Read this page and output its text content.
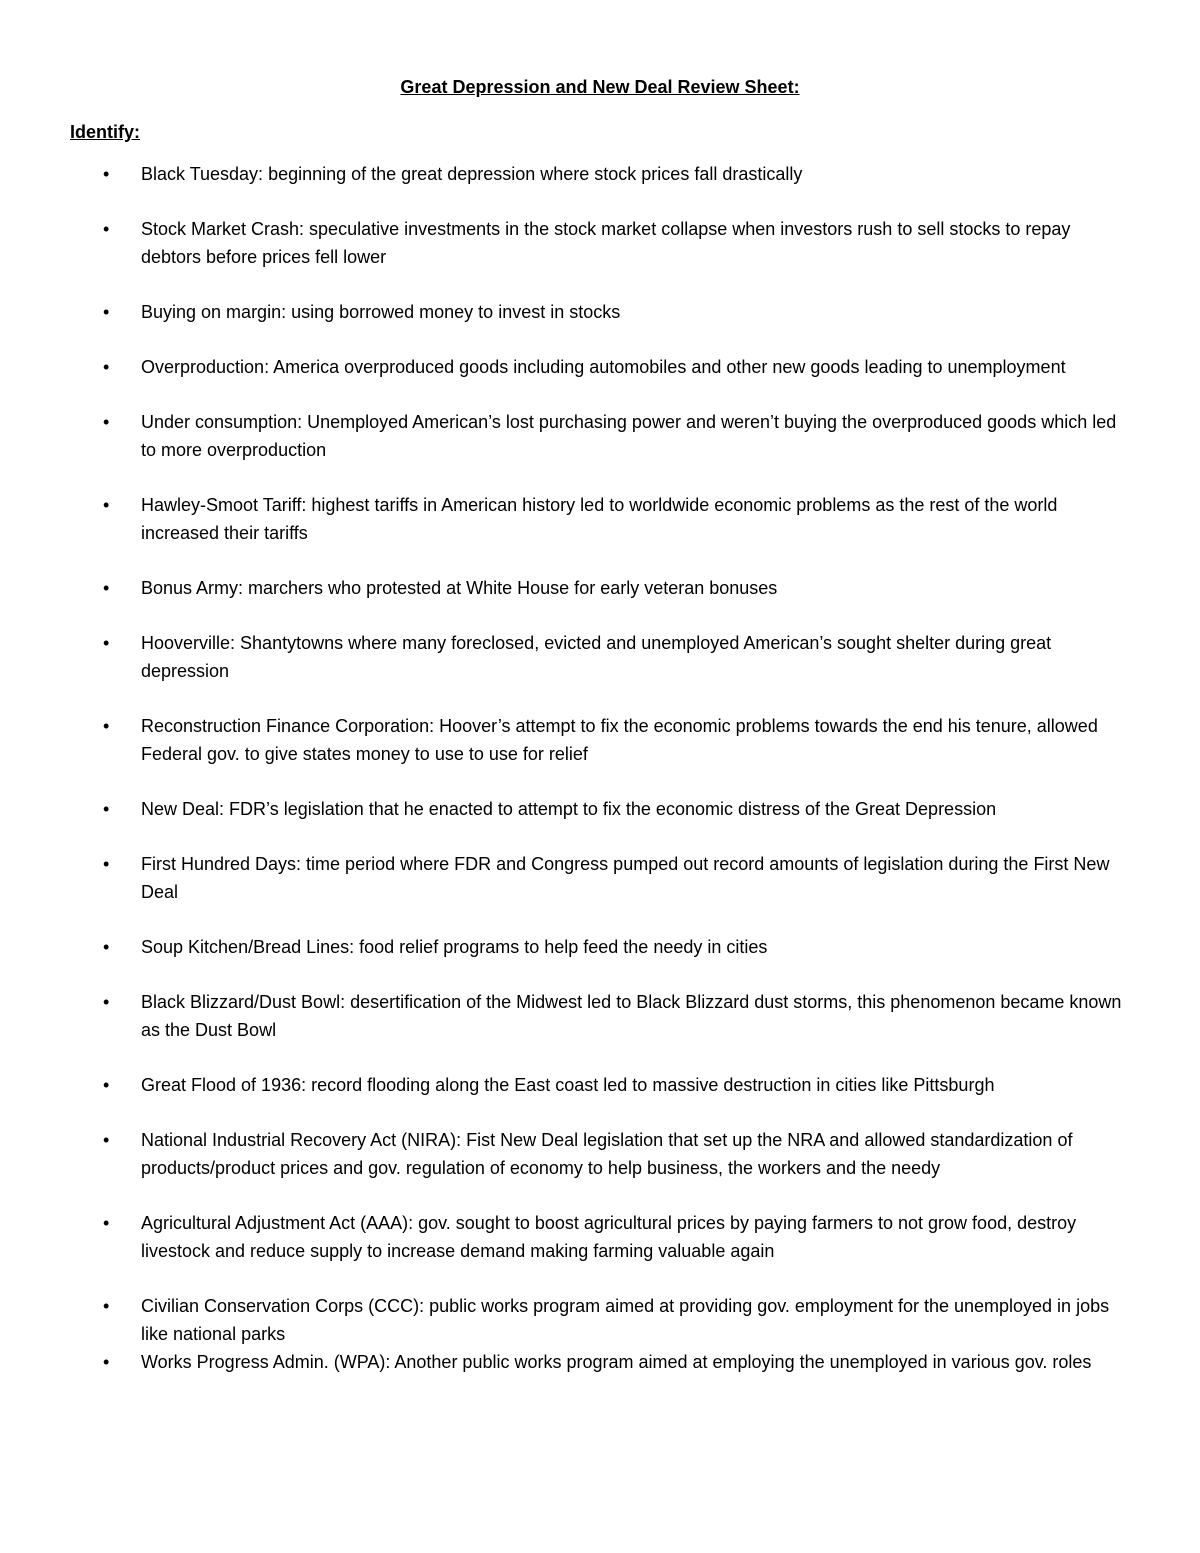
Great Depression and New Deal Review Sheet:
Identify:
• Black Tuesday: beginning of the great depression where stock prices fall drastically
• Stock Market Crash: speculative investments in the stock market collapse when investors rush to sell stocks to repay debtors before prices fell lower
• Buying on margin: using borrowed money to invest in stocks
• Overproduction: America overproduced goods including automobiles and other new goods leading to unemployment
• Under consumption: Unemployed American’s lost purchasing power and weren’t buying the overproduced goods which led to more overproduction
• Hawley-Smoot Tariff: highest tariffs in American history led to worldwide economic problems as the rest of the world increased their tariffs
• Bonus Army: marchers who protested at White House for early veteran bonuses
• Hooverville: Shantytowns where many foreclosed, evicted and unemployed American’s sought shelter during great depression
• Reconstruction Finance Corporation: Hoover’s attempt to fix the economic problems towards the end his tenure, allowed Federal gov. to give states money to use to use for relief
• New Deal: FDR’s legislation that he enacted to attempt to fix the economic distress of the Great Depression
• First Hundred Days: time period where FDR and Congress pumped out record amounts of legislation during the First New Deal
• Soup Kitchen/Bread Lines: food relief programs to help feed the needy in cities
• Black Blizzard/Dust Bowl: desertification of the Midwest led to Black Blizzard dust storms, this phenomenon became known as the Dust Bowl
• Great Flood of 1936: record flooding along the East coast led to massive destruction in cities like Pittsburgh
• National Industrial Recovery Act (NIRA): Fist New Deal legislation that set up the NRA and allowed standardization of products/product prices and gov. regulation of economy to help business, the workers and the needy
• Agricultural Adjustment Act (AAA): gov. sought to boost agricultural prices by paying farmers to not grow food, destroy livestock and reduce supply to increase demand making farming valuable again
• Civilian Conservation Corps (CCC): public works program aimed at providing gov. employment for the unemployed in jobs like national parks
• Works Progress Admin. (WPA): Another public works program aimed at employing the unemployed in various gov. roles
